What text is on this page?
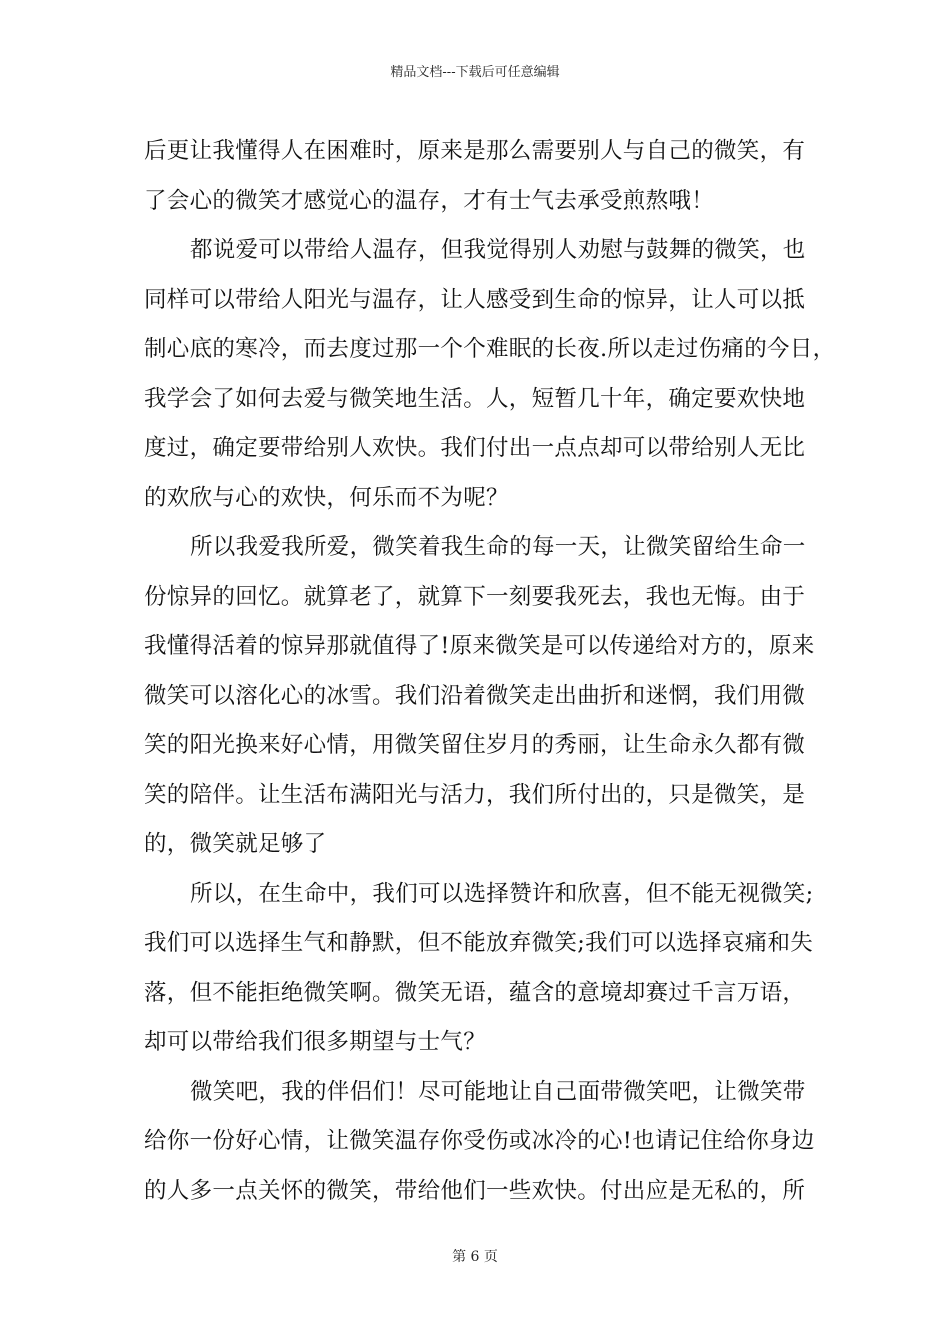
精品文档---下载后可任意编辑
后更让我懂得人在困难时，原来是那么需要别人与自己的微笑，有
了会心的微笑才感觉心的温存，才有士气去承受煎熬哦！
都说爱可以带给人温存，但我觉得别人劝慰与鼓舞的微笑，也
同样可以带给人阳光与温存，让人感受到生命的惊异，让人可以抵
制心底的寒冷，而去度过那一个个难眠的长夜.所以走过伤痛的今日，
我学会了如何去爱与微笑地生活。人，短暂几十年，确定要欢快地
度过，确定要带给别人欢快。我们付出一点点却可以带给别人无比
的欢欣与心的欢快，何乐而不为呢？
所以我爱我所爱，微笑着我生命的每一天，让微笑留给生命一
份惊异的回忆。就算老了，就算下一刻要我死去，我也无悔。由于
我懂得活着的惊异那就值得了!原来微笑是可以传递给对方的，原来
微笑可以溶化心的冰雪。我们沿着微笑走出曲折和迷惘，我们用微
笑的阳光换来好心情，用微笑留住岁月的秀丽，让生命永久都有微
笑的陪伴。让生活布满阳光与活力，我们所付出的，只是微笑，是
的，微笑就足够了
所以，在生命中，我们可以选择赞许和欣喜，但不能无视微笑;
我们可以选择生气和静默，但不能放弃微笑;我们可以选择哀痛和失
落，但不能拒绝微笑啊。微笑无语，蕴含的意境却赛过千言万语，
却可以带给我们很多期望与士气？
微笑吧，我的伴侣们！尽可能地让自己面带微笑吧，让微笑带
给你一份好心情，让微笑温存你受伤或冰冷的心!也请记住给你身边
的人多一点关怀的微笑，带给他们一些欢快。付出应是无私的，所
第 6 页
